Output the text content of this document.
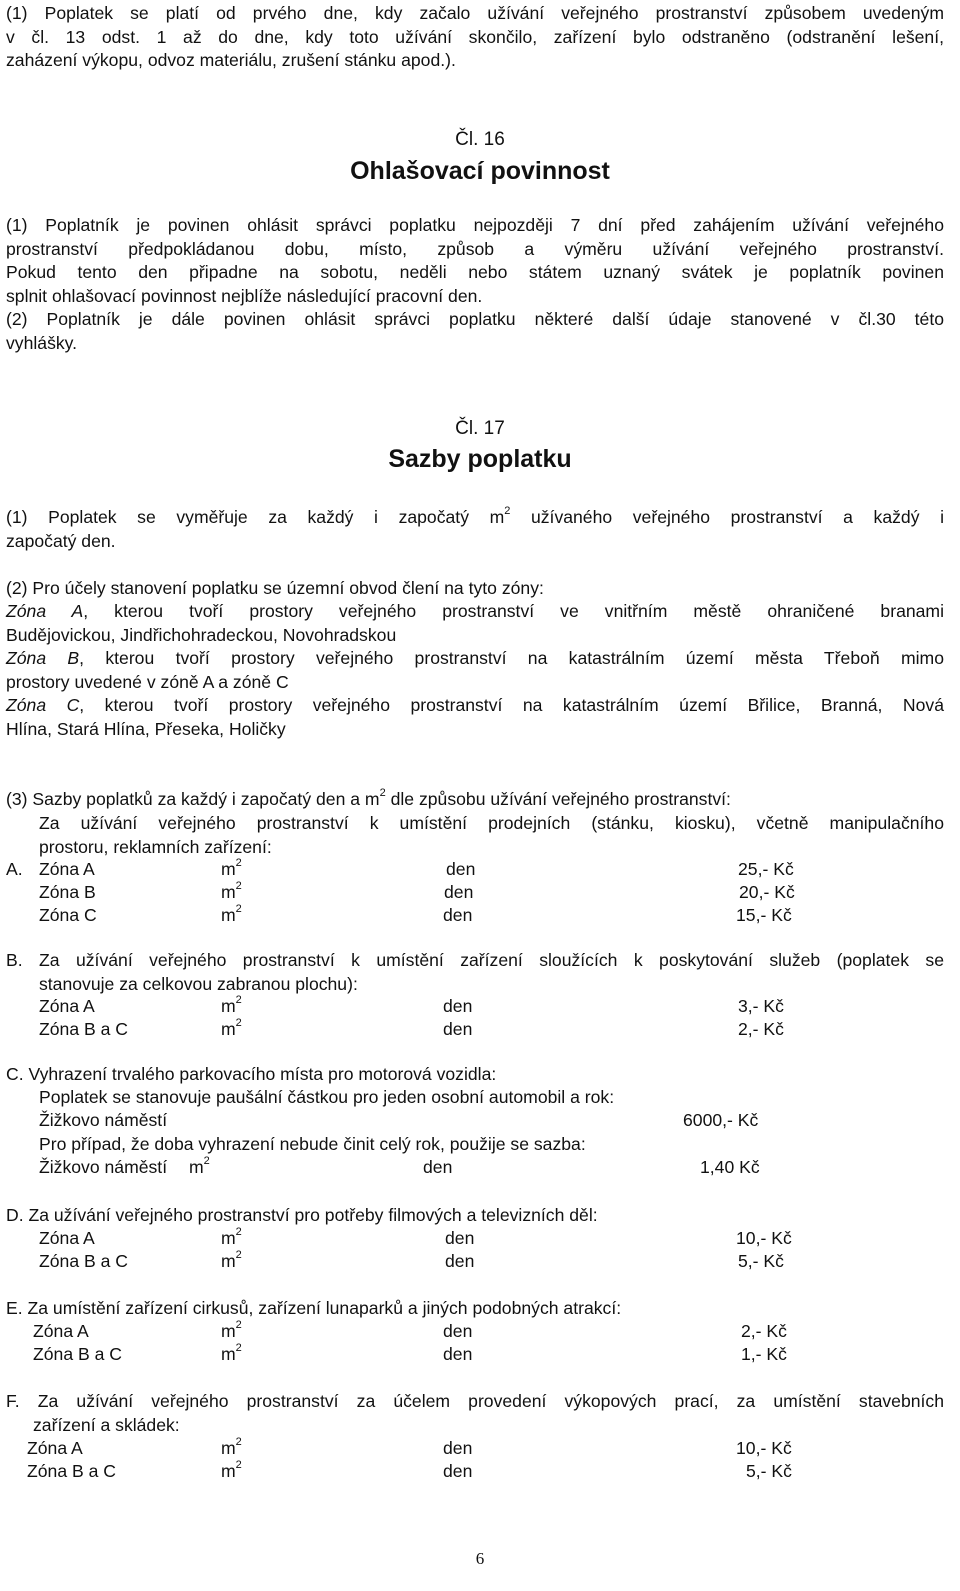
(1) Poplatek se platí od prvého dne, kdy začalo užívání veřejného prostranství způsobem uvedeným
v čl. 13 odst. 1 až do dne, kdy toto užívání skončilo, zařízení bylo odstraněno (odstranění lešení,
zaházení výkopu, odvoz materiálu, zrušení stánku apod.).
Čl. 16
Ohlašovací povinnost
(1) Poplatník je povinen ohlásit správci poplatku nejpozději 7 dní před zahájením užívání veřejného
prostranství předpokládanou dobu, místo, způsob a výměru užívání veřejného prostranství.
Pokud tento den připadne na sobotu, neděli nebo státem uznaný svátek je poplatník povinen
splnit ohlašovací povinnost nejblíže následující pracovní den.
(2) Poplatník je dále povinen ohlásit správci poplatku některé další údaje stanovené v čl.30 této
vyhlášky.
Čl. 17
Sazby poplatku
(1) Poplatek se vyměřuje za každý i započatý $m^2$ užívaného veřejného prostranství a každý i
započatý den.
(2) Pro účely stanovení poplatku se územní obvod člení na tyto zóny:
Zóna A, kterou tvoří prostory veřejného prostranství ve vnitřním městě ohraničené branami
Budějovickou, Jindřichohradeckou, Novohradskou
Zóna B, kterou tvoří prostory veřejného prostranství na katastrálním území města Třeboň mimo
prostory uvedené v zóně A a zóně C
Zóna C, kterou tvoří prostory veřejného prostranství na katastrálním území Břilice, Branná, Nová
Hlína, Stará Hlína, Přeseka, Holičky
(3) Sazby poplatků za každý i započatý den a $m^2$ dle způsobu užívání veřejného prostranství:
Za užívání veřejného prostranství k umístění prodejních (stánku, kiosku), včetně manipulačního
prostoru, reklamních zařízení:
A. Zóna A	$m^2$	den	25,- Kč
Zóna B	$m^2$	den	20,- Kč
Zóna C	$m^2$	den	15,- Kč
B. Za užívání veřejného prostranství k umístění zařízení sloužících k poskytování služeb (poplatek se
stanovuje za celkovou zabranou plochu):
Zóna A	$m^2$	den	3,- Kč
Zóna B a C	$m^2$	den	2,- Kč
C. Vyhrazení trvalého parkovacího místa pro motorová vozidla:
Poplatek se stanovuje paušální částkou pro jeden osobní automobil a rok:
Žižkovo náměstí	6000,- Kč
Pro případ, že doba vyhrazení nebude činit celý rok, použije se sazba:
Žižkovo náměstí $m^2$	den	1,40 Kč
D. Za užívání veřejného prostranství pro potřeby filmových a televizních děl:
Zóna A	$m^2$	den	10,- Kč
Zóna B a C	$m^2$	den	5,- Kč
E. Za umístění zařízení cirkusů, zařízení lunaparků a jiných podobných atrakcí:
Zóna A	$m^2$	den	2,- Kč
Zóna B a C	$m^2$	den	1,- Kč
F. Za užívání veřejného prostranství za účelem provedení výkopových prací, za umístění stavebních
zařízení a skládek:
Zóna A	$m^2$	den	10,- Kč
Zóna B a C	$m^2$	den	5,- Kč
6
